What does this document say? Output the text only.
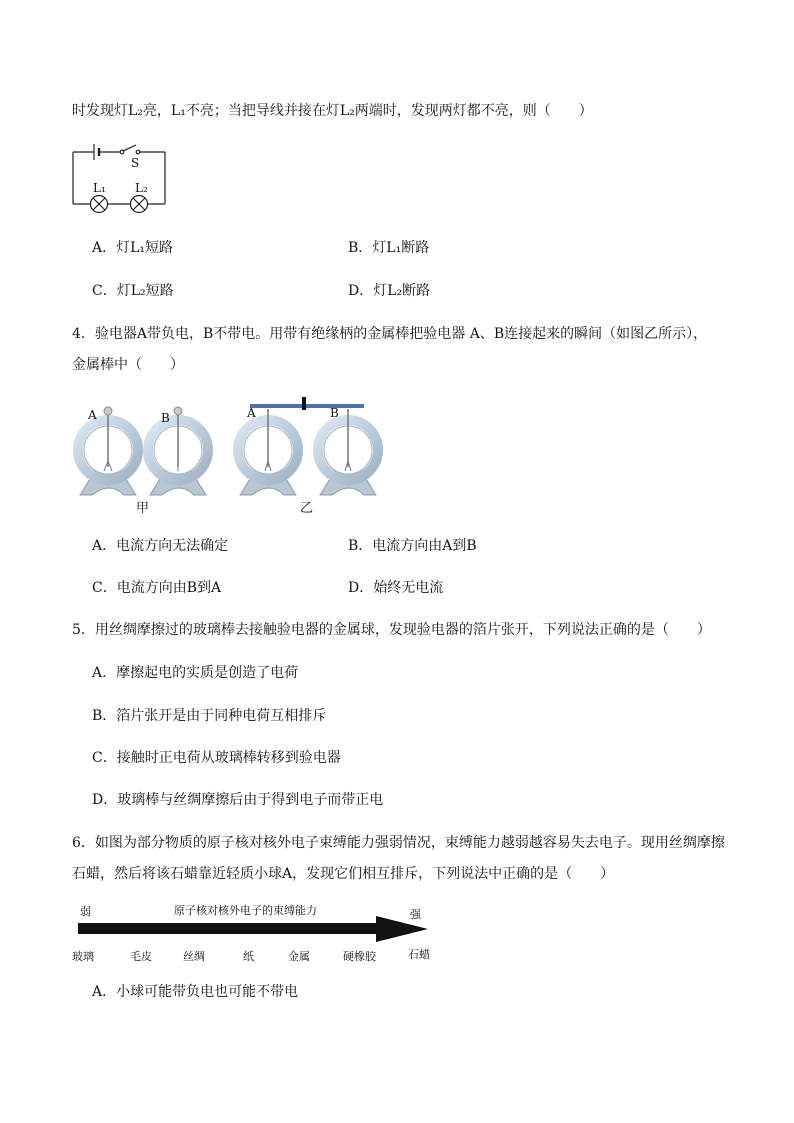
时发现灯L₂亮，L₁不亮；当把导线并接在灯L₂两端时，发现两灯都不亮，则（　　）
S
L₁ L₂
A．灯L₁短路	B．灯L₁断路
C．灯L₂短路	D．灯L₂断路
4．验电器A带负电，B不带电。用带有绝缘柄的金属棒把验电器 A、B连接起来的瞬间（如图乙所示），
金属棒中（　　）
A	B	A	B
甲	乙
A．电流方向无法确定	B．电流方向由A到B
C．电流方向由B到A	D．始终无电流
5．用丝绸摩擦过的玻璃棒去接触验电器的金属球，发现验电器的箔片张开，下列说法正确的是（　　）
A．摩擦起电的实质是创造了电荷
B．箔片张开是由于同种电荷互相排斥
C．接触时正电荷从玻璃棒转移到验电器
D．玻璃棒与丝绸摩擦后由于得到电子而带正电
6．如图为部分物质的原子核对核外电子束缚能力强弱情况，束缚能力越弱越容易失去电子。现用丝绸摩擦
石蜡，然后将该石蜡靠近轻质小球A，发现它们相互排斥，下列说法中正确的是（　　）
弱	原子核对核外电子的束缚能力	强
玻璃	毛皮	丝绸	纸	金属	硬橡胶	石蜡
A．小球可能带负电也可能不带电
